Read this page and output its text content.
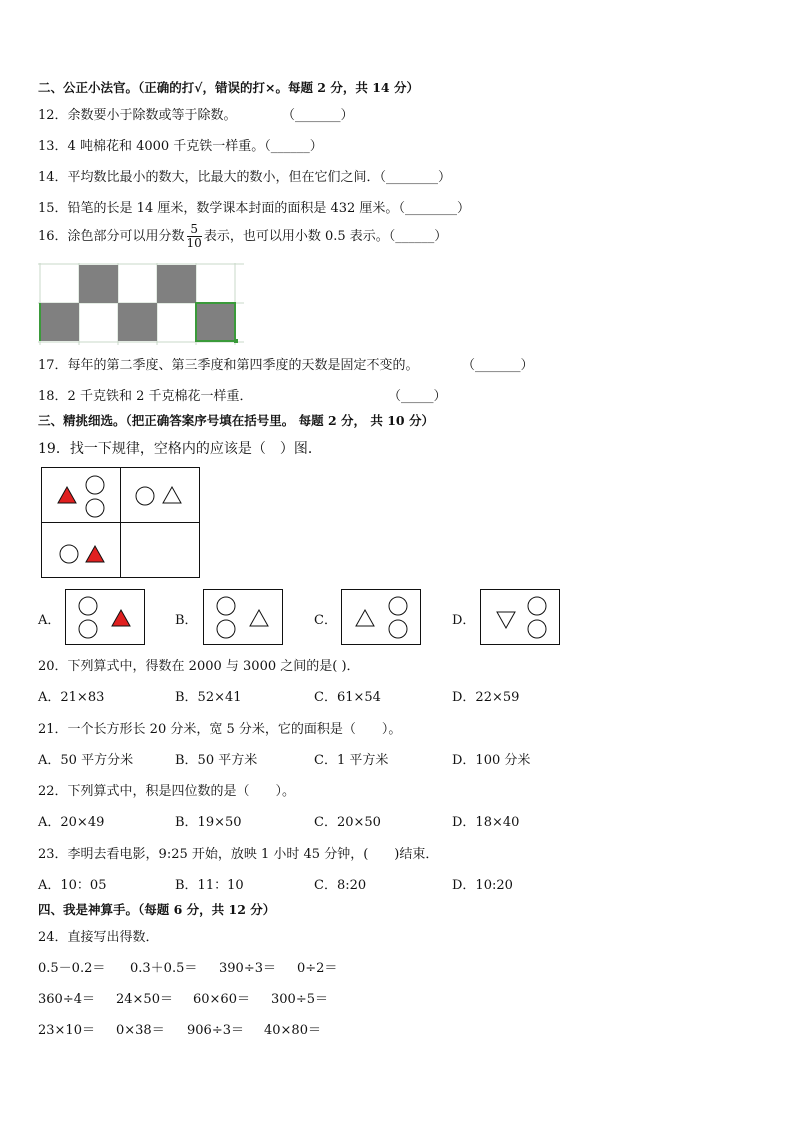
二、公正小法官。（正确的打√，错误的打×。每题 2 分，共 14 分）
12．余数要小于除数或等于除数。	（_______）
13．4 吨棉花和 4000 千克铁一样重。（______）
14．平均数比最小的数大，比最大的数小，但在它们之间．（________）
15．铅笔的长是 14 厘米，数学课本封面的面积是 432 厘米。（________）
16．涂色部分可以用分数 $\frac{5}{10}$ 表示，也可以用小数 0.5 表示。（______）
17．每年的第二季度、第三季度和第四季度的天数是固定不变的。	（_______）
18．2 千克铁和 2 千克棉花一样重．	（_____）
三、精挑细选。（把正确答案序号填在括号里。 每题 2 分， 共 10 分）
19．找一下规律，空格内的应该是（　）图．
A．	B．	C．	D．
20．下列算式中，得数在 2000 与 3000 之间的是( )．
A．21×83	B．52×41	C．61×54	D．22×59
21．一个长方形长 20 分米，宽 5 分米，它的面积是（　　）。
A．50 平方分米	B．50 平方米	C．1 平方米	D．100 分米
22．下列算式中，积是四位数的是（　　）。
A．20×49	B．19×50	C．20×50	D．18×40
23．李明去看电影，9:25 开始，放映 1 小时 45 分钟，(　　)结束．
A．10：05	B．11：10	C．8:20	D．10:20
四、我是神算手。（每题 6 分，共 12 分）
24．直接写出得数．
0.5－0.2＝ 0.3＋0.5＝ 390÷3＝ 0÷2＝
360÷4＝ 24×50＝ 60×60＝ 300÷5＝
23×10＝ 0×38＝ 906÷3＝ 40×80＝
